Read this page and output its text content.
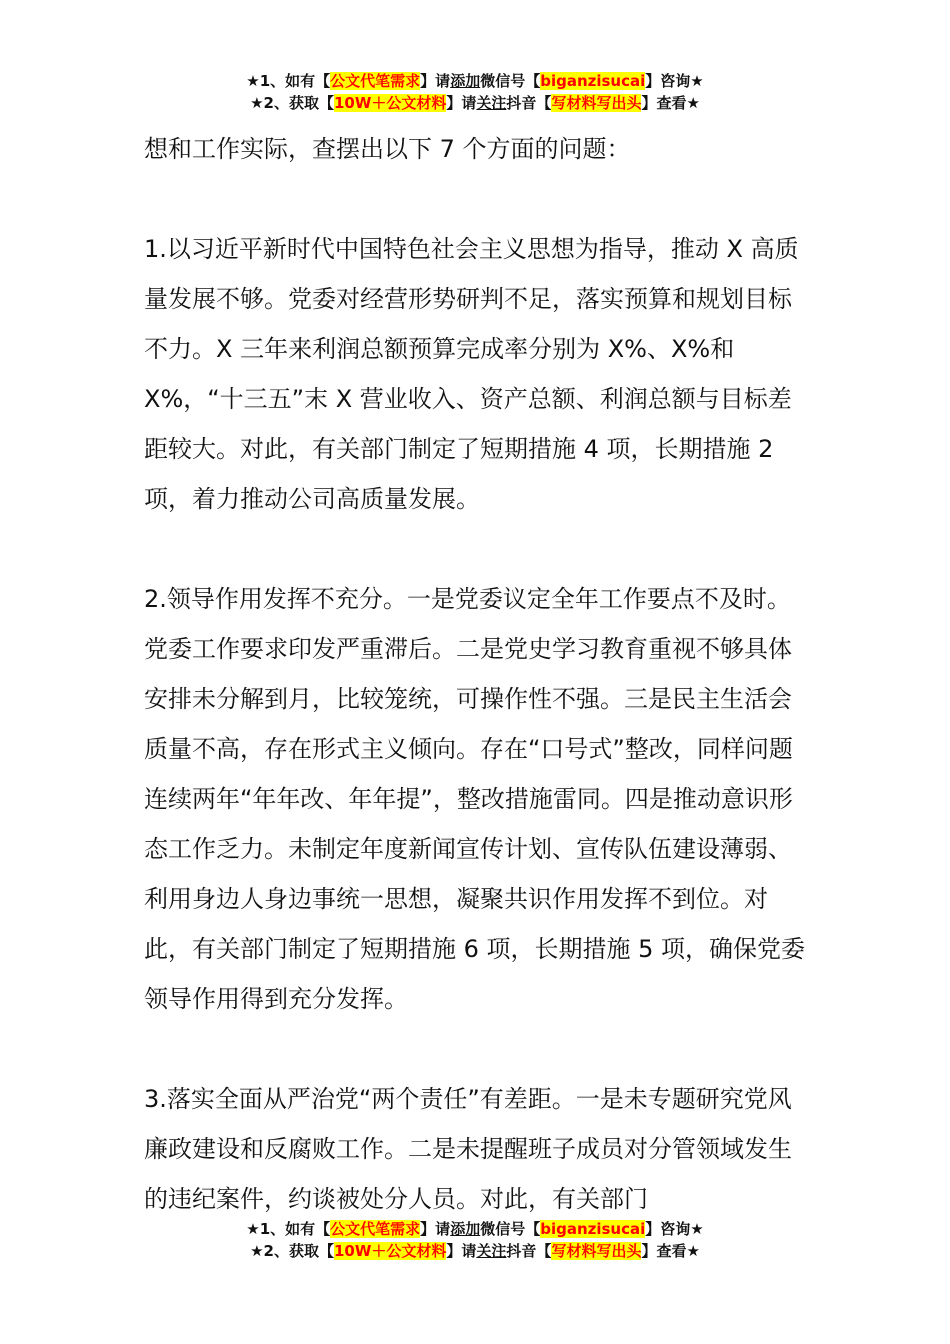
★1、如有【公文代笔需求】请添加微信号【biganzisucai】咨询★
★2、获取【10W＋公文材料】请关注抖音【写材料写出头】查看★

想和工作实际，查摆出以下 7 个方面的问题：

1.以习近平新时代中国特色社会主义思想为指导，推动 X 高质量发展不够。党委对经营形势研判不足，落实预算和规划目标不力。X 三年来利润总额预算完成率分别为 X%、X%和 X%，“十三五”末 X 营业收入、资产总额、利润总额与目标差距较大。对此，有关部门制定了短期措施 4 项，长期措施 2 项，着力推动公司高质量发展。

2.领导作用发挥不充分。一是党委议定全年工作要点不及时。党委工作要求印发严重滞后。二是党史学习教育重视不够具体安排未分解到月，比较笼统，可操作性不强。三是民主生活会质量不高，存在形式主义倾向。存在“口号式”整改，同样问题连续两年“年年改、年年提”，整改措施雷同。四是推动意识形态工作乏力。未制定年度新闻宣传计划、宣传队伍建设薄弱、利用身边人身边事统一思想，凝聚共识作用发挥不到位。对此，有关部门制定了短期措施 6 项，长期措施 5 项，确保党委领导作用得到充分发挥。

3.落实全面从严治党“两个责任”有差距。一是未专题研究党风廉政建设和反腐败工作。二是未提醒班子成员对分管领域发生的违纪案件，约谈被处分人员。对此，有关部门

★1、如有【公文代笔需求】请添加微信号【biganzisucai】咨询★
★2、获取【10W＋公文材料】请关注抖音【写材料写出头】查看★
